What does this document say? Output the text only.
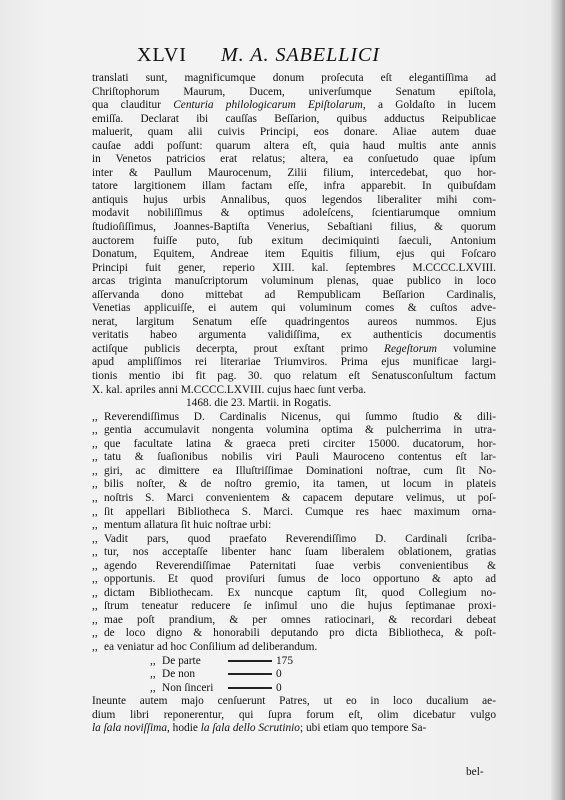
XLVI M. A. SABELLICI
translati sunt, magnificumque donum proſecuta eſt elegantiſſima ad
Chriſtophorum Maurum, Ducem, univerſumque Senatum epiſtola,
qua clauditur Centuria philologicarum Epiſtolarum, a Goldaſto in lucem
emiſſa. Declarat ibi cauſſas Beſſarion, quibus adductus Reipublicae
maluerit, quam alii cuivis Principi, eos donare. Aliae autem duae
cauſae addi poſſunt: quarum altera eſt, quia haud multis ante annis
in Venetos patricios erat relatus; altera, ea conſuetudo quae ipſum
inter & Paullum Maurocenum, Zilii filium, intercedebat, quo hor-
tatore largitionem illam factam eſſe, infra apparebit. In quibuſdam
antiquis hujus urbis Annalibus, quos legendos liberaliter mihi com-
modavit nobiliſſimus & optimus adoleſcens, ſcientiarumque omnium
ſtudioſiſſimus, Joannes-Baptiſta Venerius, Sebaſtiani filius, & quorum
auctorem fuiſſe puto, ſub exitum decimiquinti ſaeculi, Antonium
Donatum, Equitem, Andreae item Equitis filium, ejus qui Foſcaro
Principi fuit gener, reperio XIII. kal. ſeptembres M.CCCC.LXVIII.
arcas triginta manuſcriptorum voluminum plenas, quae publico in loco
aſſervanda dono mittebat ad Rempublicam Beſſarion Cardinalis,
Venetias applicuiſſe, ei autem qui voluminum comes & cuſtos adve-
nerat, largitum Senatum eſſe quadringentos aureos nummos. Ejus
veritatis habeo argumenta validiſſima, ex authenticis documentis
actiſque publicis decerpta, prout exſtant primo Regeſtorum volumine
apud ampliſſimos rei literariae Triumviros. Prima ejus munificae largi-
tionis mentio ibi fit pag. 30. quo relatum eſt Senatusconſultum factum
X. kal. apriles anni M.CCCC.LXVIII. cujus haec ſunt verba.
1468. die 23. Martii. in Rogatis.
,, Reverendiſſimus D. Cardinalis Nicenus, qui ſummo ſtudio & dili-
,, gentia accumulavit nongenta volumina optima & pulcherrima in utra-
,, que facultate latina & graeca preti circiter 15000. ducatorum, hor-
,, tatu & ſuaſionibus nobilis viri Pauli Mauroceno contentus eſt lar-
,, giri, ac dimittere ea Illuſtriſſimae Dominationi noſtrae, cum ſit No-
,, bilis noſter, & de noſtro gremio, ita tamen, ut locum in plateis
,, noſtris S. Marci convenientem & capacem deputare velimus, ut poſ-
,, ſit appellari Bibliotheca S. Marci. Cumque res haec maximum orna-
,, mentum allatura ſit huic noſtrae urbi:
,, Vadit pars, quod praefato Reverendiſſimo D. Cardinali ſcriba-
,, tur, nos acceptaſſe libenter hanc ſuam liberalem oblationem, gratias
,, agendo Reverendiſſimae Paternitati ſuae verbis convenientibus &
,, opportunis. Et quod proviſuri ſumus de loco opportuno & apto ad
,, dictam Bibliothecam. Ex nuncque captum ſit, quod Collegium no-
,, ſtrum teneatur reducere ſe inſimul uno die hujus ſeptimanae proxi-
,, mae poſt prandium, & per omnes ratiocinari, & recordari debeat
,, de loco digno & honorabili deputando pro dicta Bibliotheca, & poſt-
,, ea veniatur ad hoc Conſilium ad deliberandum.
,, De parte	175
,, De non	0
,, Non ſinceri	0
Ineunte autem majo cenſuerunt Patres, ut eo in loco ducalium ae-
dium libri reponerentur, qui ſupra forum eſt, olim dicebatur vulgo
la ſala noviſſima, hodie la ſala dello Scrutinio; ubi etiam quo tempore Sa-
bel-
